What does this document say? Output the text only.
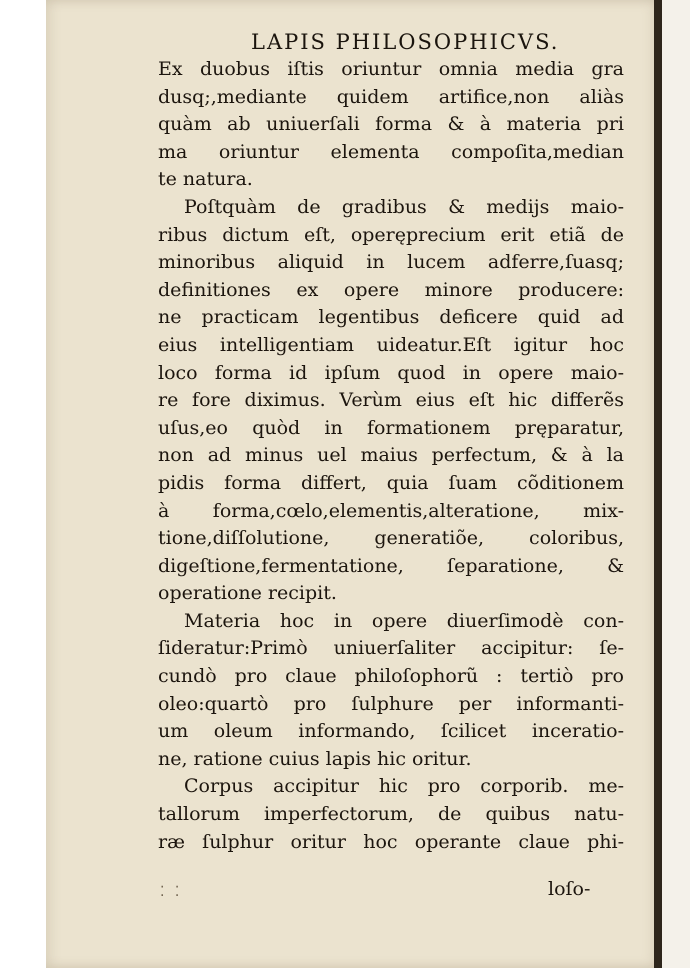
LAPIS PHILOSOPHICVS.
Ex duobus iſtis oriuntur omnia media gra
dusq;,mediante quidem artifice,non aliàs
quàm ab uniuerſali forma & à materia pri
ma oriuntur elementa compoſita,median
te natura.
Poſtquàm de gradibus & medijs maio-
ribus dictum eſt, operęprecium erit etiã de
minoribus aliquid in lucem adferre,ſuasq;
definitiones ex opere minore producere:
ne practicam legentibus deficere quid ad
eius intelligentiam uideatur.Eſt igitur hoc
loco forma id ipſum quod in opere maio-
re fore diximus. Verùm eius eſt hic differẽs
uſus,eo quòd in formationem pręparatur,
non ad minus uel maius perfectum, & à la
pidis forma differt, quia ſuam cõditionem
à forma,cœlo,elementis,alteratione, mix-
tione,diſſolutione, generatiõe, coloribus,
digeſtione,fermentatione, ſeparatione, &
operatione recipit.
Materia hoc in opere diuerſimodè con-
ſideratur:Primò uniuerſaliter accipitur: ſe-
cundò pro claue philoſophorũ : tertiò pro
oleo:quartò pro ſulphure per informanti-
um oleum informando, ſcilicet inceratio-
ne, ratione cuius lapis hic oritur.
Corpus accipitur hic pro corporib. me-
tallorum imperfectorum, de quibus natu-
ræ ſulphur oritur hoc operante claue phi-
⁚ ⁚	loſo-
